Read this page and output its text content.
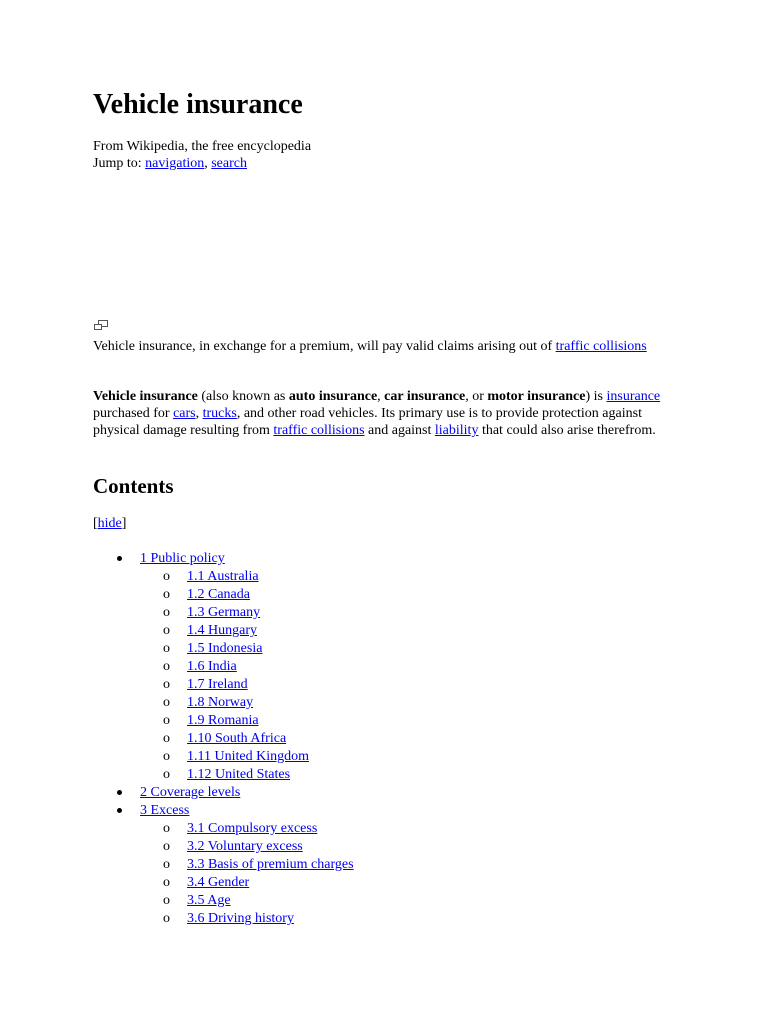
Vehicle insurance
From Wikipedia, the free encyclopedia
Jump to: navigation, search
Vehicle insurance, in exchange for a premium, will pay valid claims arising out of traffic collisions

Vehicle insurance (also known as auto insurance, car insurance, or motor insurance) is insurance purchased for cars, trucks, and other road vehicles. Its primary use is to provide protection against physical damage resulting from traffic collisions and against liability that could also arise therefrom.

Contents
[hide]
1 Public policy
o 1.1 Australia
o 1.2 Canada
o 1.3 Germany
o 1.4 Hungary
o 1.5 Indonesia
o 1.6 India
o 1.7 Ireland
o 1.8 Norway
o 1.9 Romania
o 1.10 South Africa
o 1.11 United Kingdom
o 1.12 United States
2 Coverage levels
3 Excess
o 3.1 Compulsory excess
o 3.2 Voluntary excess
o 3.3 Basis of premium charges
o 3.4 Gender
o 3.5 Age
o 3.6 Driving history
